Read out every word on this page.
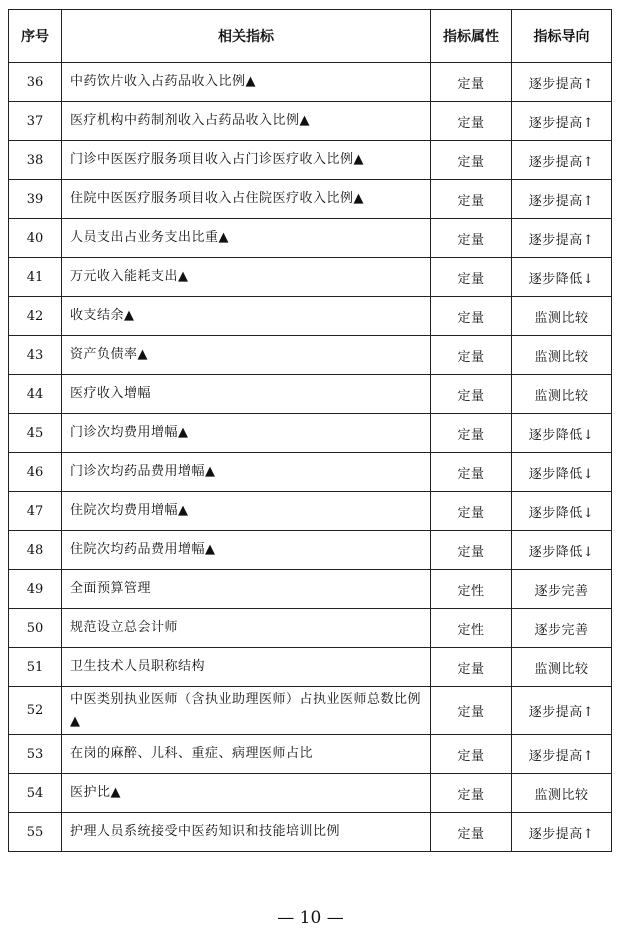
序号	相关指标	指标属性	指标导向
36	中药饮片收入占药品收入比例▲	定量	逐步提高↑
37	医疗机构中药制剂收入占药品收入比例▲	定量	逐步提高↑
38	门诊中医医疗服务项目收入占门诊医疗收入比例▲	定量	逐步提高↑
39	住院中医医疗服务项目收入占住院医疗收入比例▲	定量	逐步提高↑
40	人员支出占业务支出比重▲	定量	逐步提高↑
41	万元收入能耗支出▲	定量	逐步降低↓
42	收支结余▲	定量	监测比较
43	资产负债率▲	定量	监测比较
44	医疗收入增幅	定量	监测比较
45	门诊次均费用增幅▲	定量	逐步降低↓
46	门诊次均药品费用增幅▲	定量	逐步降低↓
47	住院次均费用增幅▲	定量	逐步降低↓
48	住院次均药品费用增幅▲	定量	逐步降低↓
49	全面预算管理	定性	逐步完善
50	规范设立总会计师	定性	逐步完善
51	卫生技术人员职称结构	定量	监测比较
52	中医类别执业医师（含执业助理医师）占执业医师总数比例▲	定量	逐步提高↑
53	在岗的麻醉、儿科、重症、病理医师占比	定量	逐步提高↑
54	医护比▲	定量	监测比较
55	护理人员系统接受中医药知识和技能培训比例	定量	逐步提高↑
— 10 —
